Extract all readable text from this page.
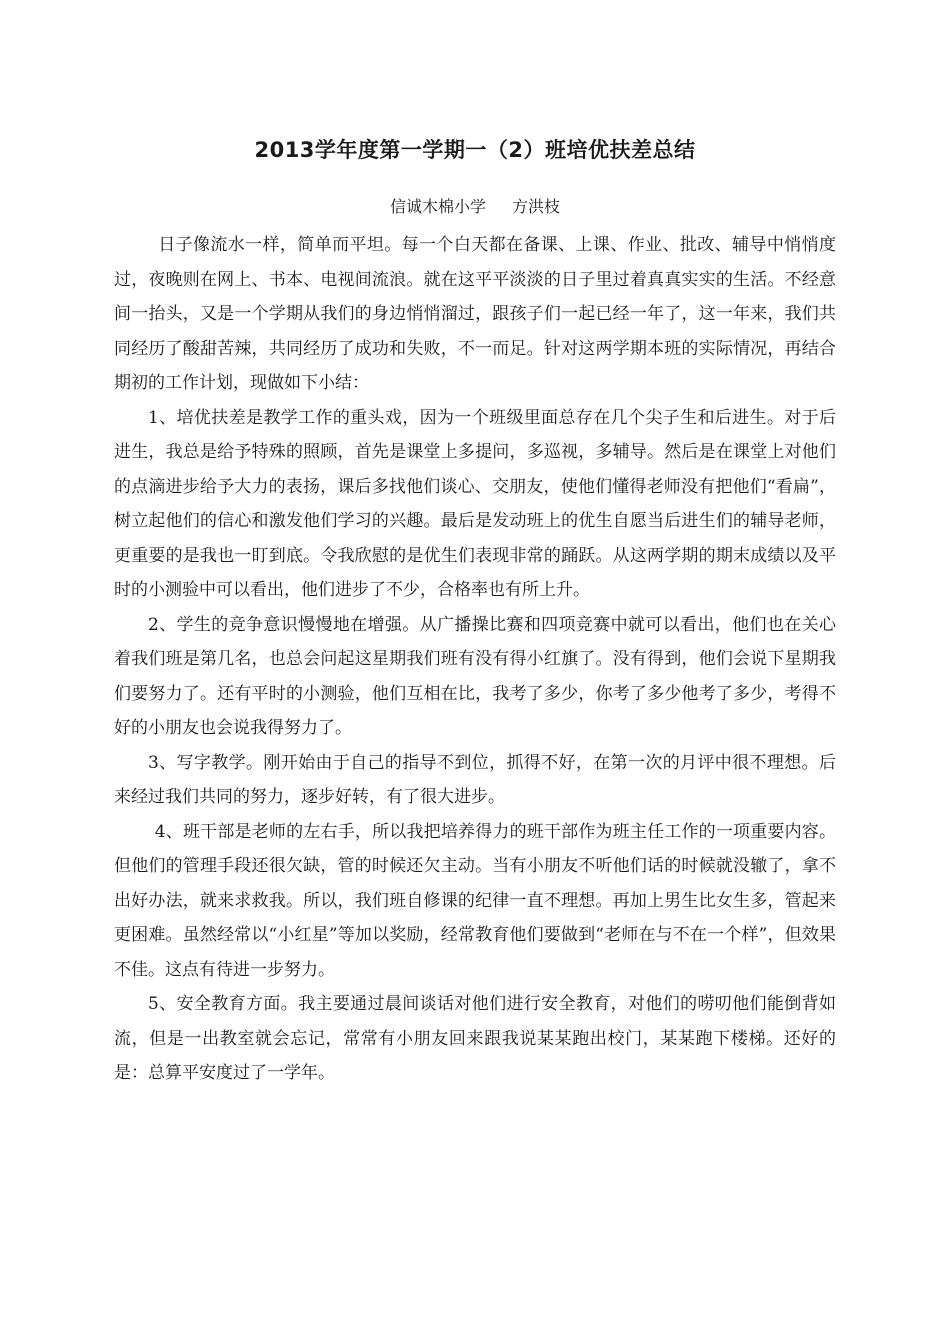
2013学年度第一学期一（2）班培优扶差总结
信诚木棉小学 方洪枝

日子像流水一样，简单而平坦。每一个白天都在备课、上课、作业、批改、辅导中悄悄度过，夜晚则在网上、书本、电视间流浪。就在这平平淡淡的日子里过着真真实实的生活。不经意间一抬头，又是一个学期从我们的身边悄悄溜过，跟孩子们一起已经一年了，这一年来，我们共同经历了酸甜苦辣，共同经历了成功和失败，不一而足。针对这两学期本班的实际情况，再结合期初的工作计划，现做如下小结：

1、培优扶差是教学工作的重头戏，因为一个班级里面总存在几个尖子生和后进生。对于后进生，我总是给予特殊的照顾，首先是课堂上多提问，多巡视，多辅导。然后是在课堂上对他们的点滴进步给予大力的表扬，课后多找他们谈心、交朋友，使他们懂得老师没有把他们“看扁”，树立起他们的信心和激发他们学习的兴趣。最后是发动班上的优生自愿当后进生们的辅导老师，更重要的是我也一盯到底。令我欣慰的是优生们表现非常的踊跃。从这两学期的期末成绩以及平时的小测验中可以看出，他们进步了不少，合格率也有所上升。

2、学生的竞争意识慢慢地在增强。从广播操比赛和四项竞赛中就可以看出，他们也在关心着我们班是第几名，也总会问起这星期我们班有没有得小红旗了。没有得到，他们会说下星期我们要努力了。还有平时的小测验，他们互相在比，我考了多少，你考了多少他考了多少，考得不好的小朋友也会说我得努力了。

3、写字教学。刚开始由于自己的指导不到位，抓得不好，在第一次的月评中很不理想。后来经过我们共同的努力，逐步好转，有了很大进步。

4、班干部是老师的左右手，所以我把培养得力的班干部作为班主任工作的一项重要内容。但他们的管理手段还很欠缺，管的时候还欠主动。当有小朋友不听他们话的时候就没辙了，拿不出好办法，就来求救我。所以，我们班自修课的纪律一直不理想。再加上男生比女生多，管起来更困难。虽然经常以“小红星”等加以奖励，经常教育他们要做到“老师在与不在一个样”，但效果不佳。这点有待进一步努力。

5、安全教育方面。我主要通过晨间谈话对他们进行安全教育，对他们的唠叨他们能倒背如流，但是一出教室就会忘记，常常有小朋友回来跟我说某某跑出校门，某某跑下楼梯。还好的是：总算平安度过了一学年。
